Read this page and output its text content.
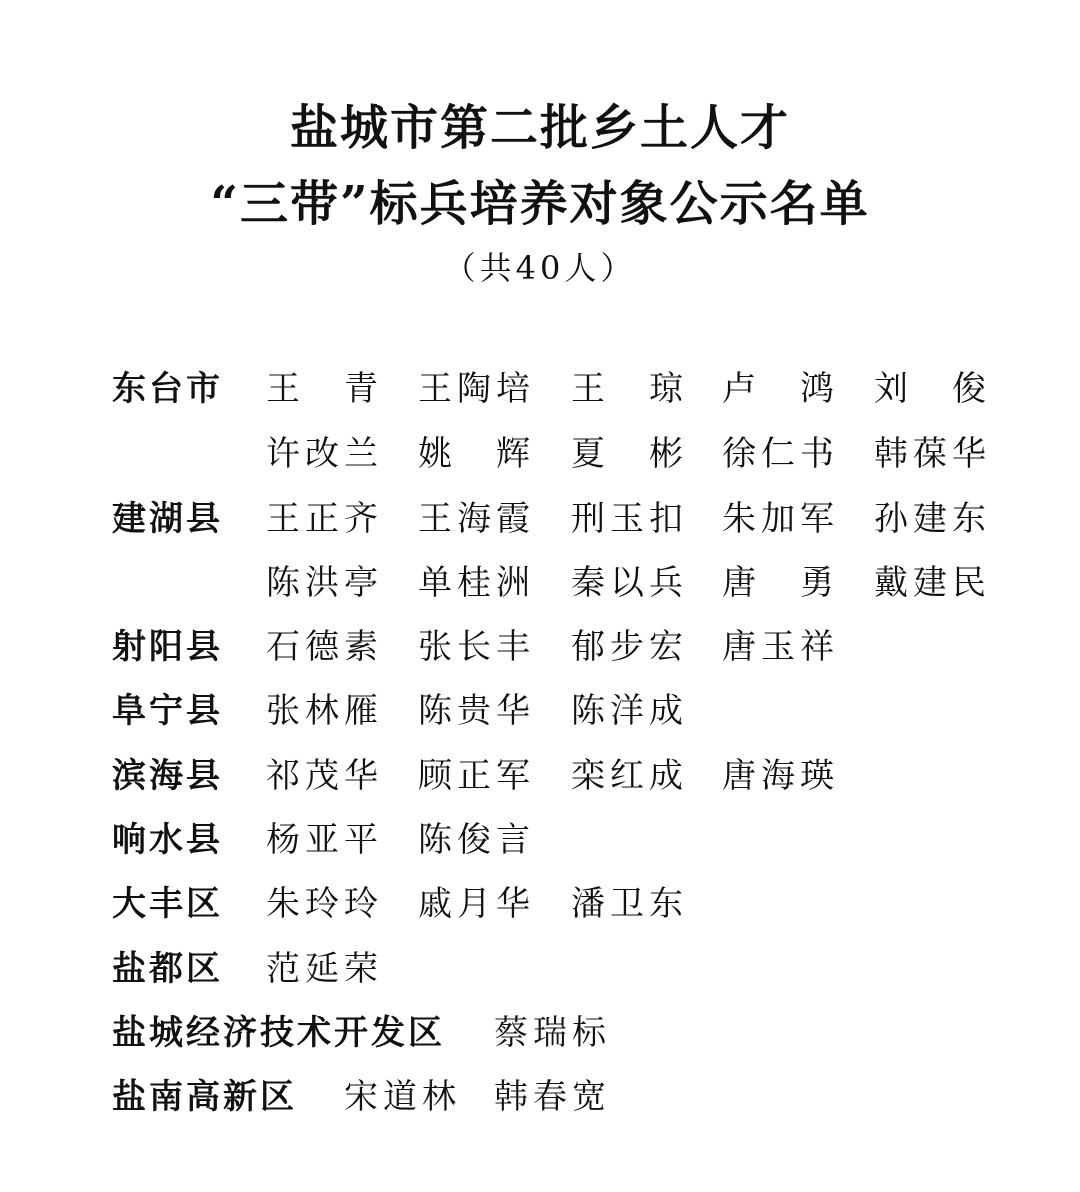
盐城市第二批乡土人才
“三带”标兵培养对象公示名单
（共40人）
东台市 王　青 王陶培 王　琼 卢　鸿 刘　俊
许改兰 姚　辉 夏　彬 徐仁书 韩葆华
建湖县 王正齐 王海霞 刑玉扣 朱加军 孙建东
陈洪亭 单桂洲 秦以兵 唐　勇 戴建民
射阳县 石德素 张长丰 郁步宏 唐玉祥
阜宁县 张林雁 陈贵华 陈洋成
滨海县 祁茂华 顾正军 栾红成 唐海瑛
响水县 杨亚平 陈俊言
大丰区 朱玲玲 戚月华 潘卫东
盐都区 范延荣
盐城经济技术开发区 蔡瑞标
盐南高新区 宋道林 韩春宽
